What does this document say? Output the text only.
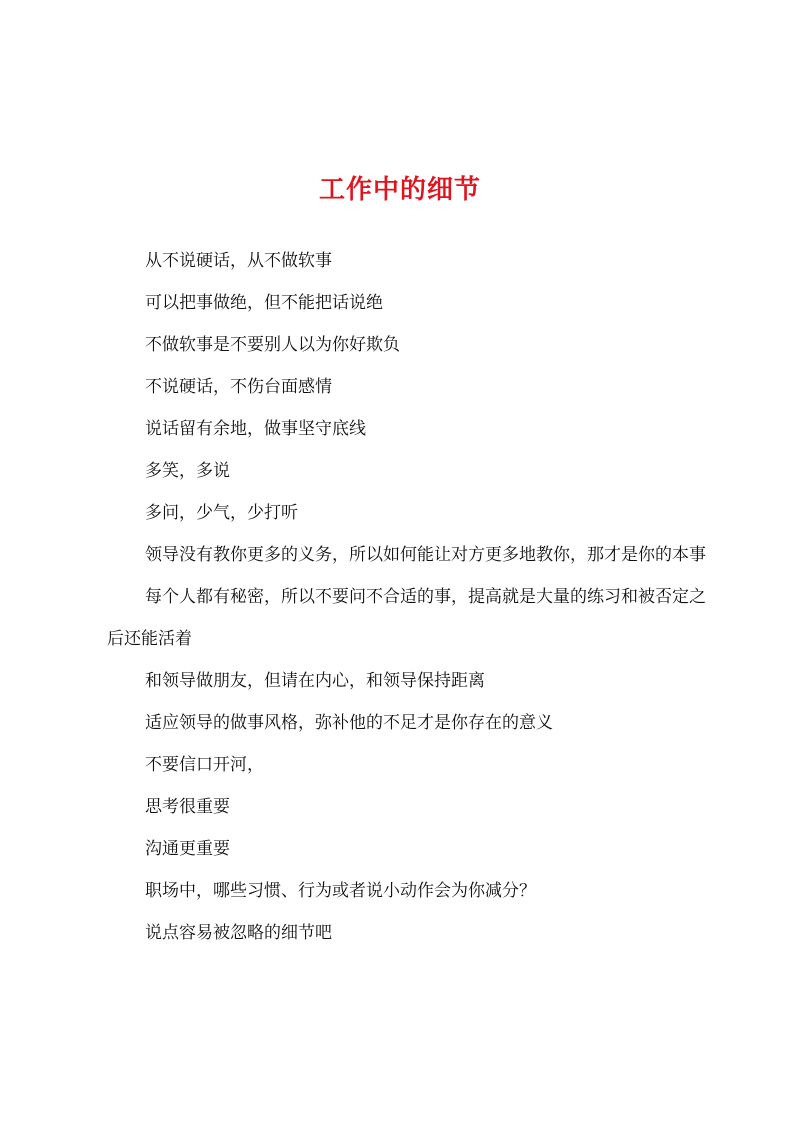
工作中的细节

从不说硬话，从不做软事

可以把事做绝，但不能把话说绝

不做软事是不要别人以为你好欺负

不说硬话，不伤台面感情

说话留有余地，做事坚守底线

多笑，多说

多问，少气，少打听

领导没有教你更多的义务，所以如何能让对方更多地教你，那才是你的本事

每个人都有秘密，所以不要问不合适的事，提高就是大量的练习和被否定之后还能活着

和领导做朋友，但请在内心，和领导保持距离

适应领导的做事风格，弥补他的不足才是你存在的意义

不要信口开河，

思考很重要

沟通更重要

职场中，哪些习惯、行为或者说小动作会为你减分？

说点容易被忽略的细节吧
